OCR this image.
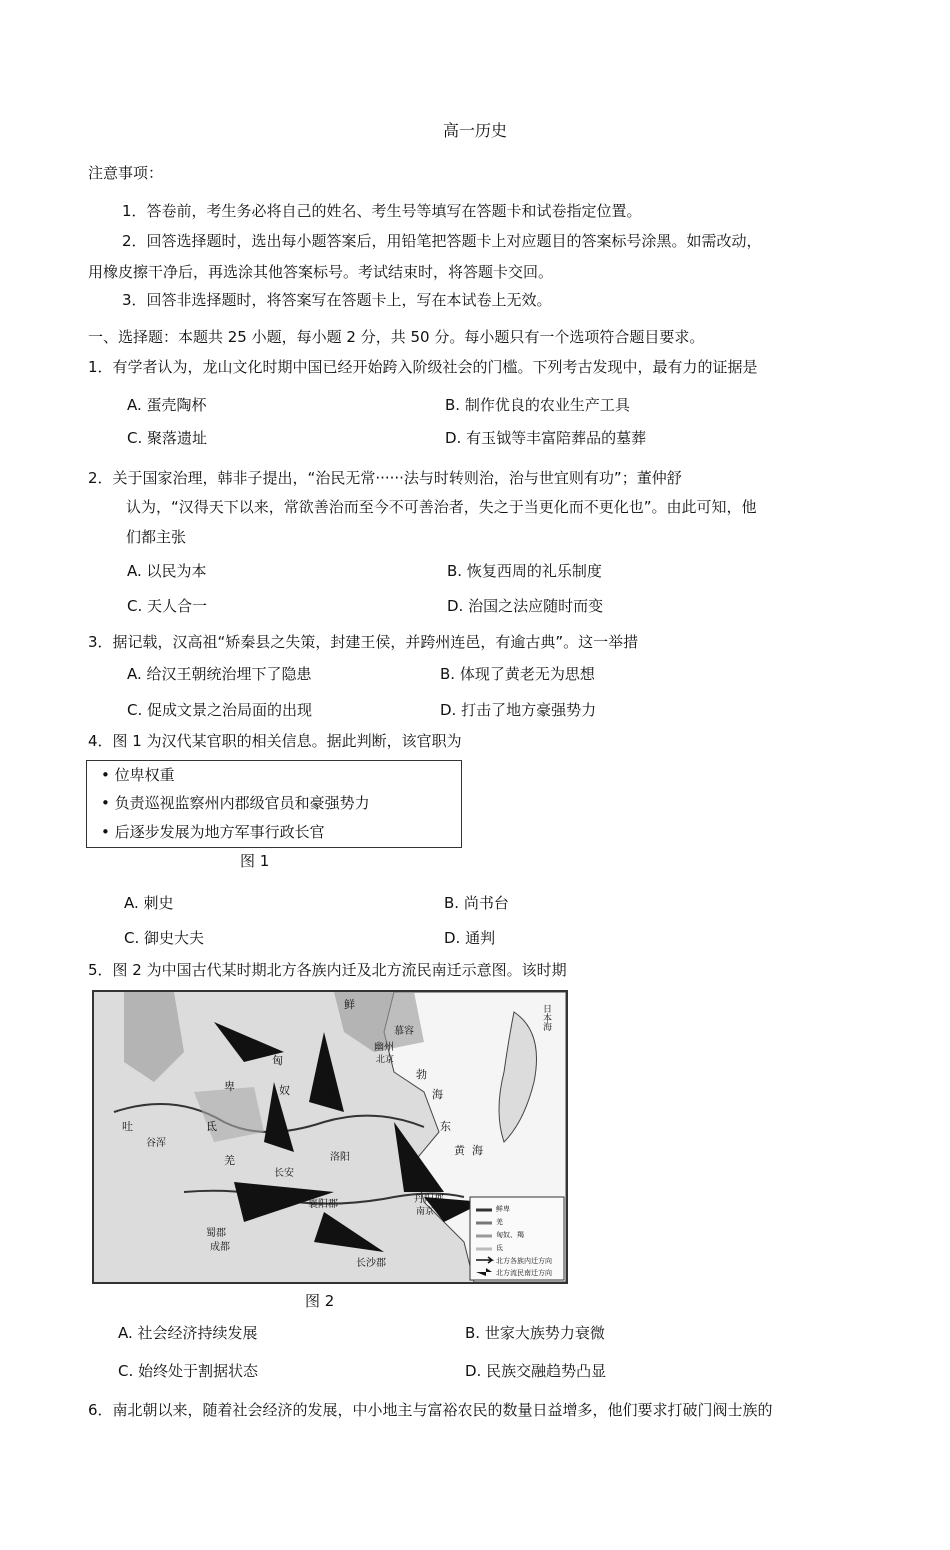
高一历史
注意事项：
1．答卷前，考生务必将自己的姓名、考生号等填写在答题卡和试卷指定位置。
2．回答选择题时，选出每小题答案后，用铅笔把答题卡上对应题目的答案标号涂黑。如需改动，
用橡皮擦干净后，再选涂其他答案标号。考试结束时，将答题卡交回。
3．回答非选择题时，将答案写在答题卡上，写在本试卷上无效。
一、选择题：本题共 25 小题，每小题 2 分，共 50 分。每小题只有一个选项符合题目要求。
1．有学者认为，龙山文化时期中国已经开始跨入阶级社会的门槛。下列考古发现中，最有力的证据是
A. 蛋壳陶杯	B. 制作优良的农业生产工具
C. 聚落遗址	D. 有玉钺等丰富陪葬品的墓葬
2．关于国家治理，韩非子提出，“治民无常······法与时转则治，治与世宜则有功”；董仲舒
认为，“汉得天下以来，常欲善治而至今不可善治者，失之于当更化而不更化也”。由此可知，他
们都主张
A. 以民为本	B. 恢复西周的礼乐制度
C. 天人合一	D. 治国之法应随时而变
3．据记载，汉高祖“矫秦县之失策，封建王侯，并跨州连邑，有逾古典”。这一举措
A. 给汉王朝统治埋下了隐患	B. 体现了黄老无为思想
C. 促成文景之治局面的出现	D. 打击了地方豪强势力
4．图 1 为汉代某官职的相关信息。据此判断，该官职为
• 位卑权重
• 负责巡视监察州内郡级官员和豪强势力
• 后逐步发展为地方军事行政长官
图 1
A. 刺史	B. 尚书台
C. 御史大夫	D. 通判
5．图 2 为中国古代某时期北方各族内迁及北方流民南迁示意图。该时期
鲜
卑
匈
奴	羯
氐
羌
慕容
幽州
北京
勃
海
黄 海
东
洛阳
长安
襄阳郡	丹阳郡
南京
蜀郡
成都
长沙郡
吐
谷浑
日本海
鲜卑
羌
匈奴、羯
氐
北方各族内迁方向
北方流民南迁方向
图 2
A. 社会经济持续发展	B. 世家大族势力衰微
C. 始终处于割据状态	D. 民族交融趋势凸显
6．南北朝以来，随着社会经济的发展，中小地主与富裕农民的数量日益增多，他们要求打破门阀士族的
